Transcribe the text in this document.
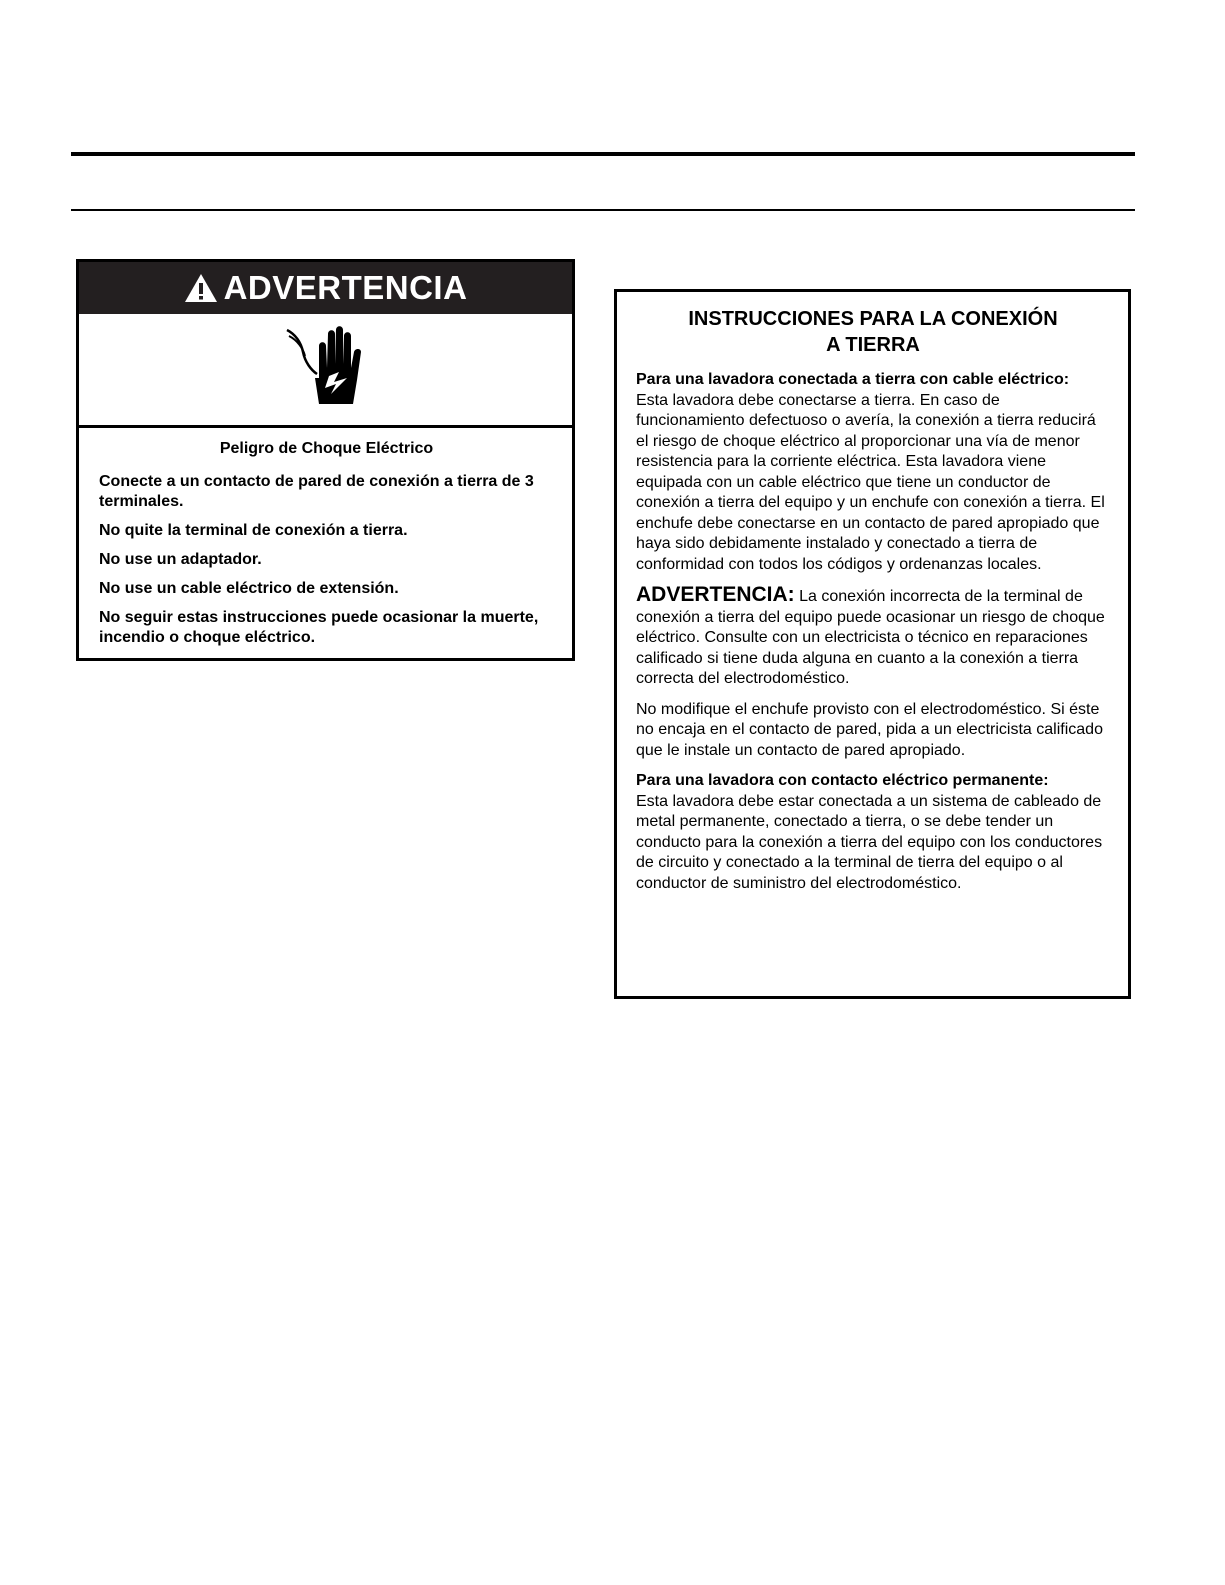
ADVERTENCIA
Peligro de Choque Eléctrico

Conecte a un contacto de pared de conexión a tierra de 3 terminales.

No quite la terminal de conexión a tierra.

No use un adaptador.

No use un cable eléctrico de extensión.

No seguir estas instrucciones puede ocasionar la muerte, incendio o choque eléctrico.

INSTRUCCIONES PARA LA CONEXIÓN
A TIERRA
Para una lavadora conectada a tierra con cable eléctrico:

Esta lavadora debe conectarse a tierra. En caso de funcionamiento defectuoso o avería, la conexión a tierra reducirá el riesgo de choque eléctrico al proporcionar una vía de menor resistencia para la corriente eléctrica. Esta lavadora viene equipada con un cable eléctrico que tiene un conductor de conexión a tierra del equipo y un enchufe con conexión a tierra. El enchufe debe conectarse en un contacto de pared apropiado que haya sido debidamente instalado y conectado a tierra de conformidad con todos los códigos y ordenanzas locales.

ADVERTENCIA: La conexión incorrecta de la terminal de conexión a tierra del equipo puede ocasionar un riesgo de choque eléctrico. Consulte con un electricista o técnico en reparaciones calificado si tiene duda alguna en cuanto a la conexión a tierra correcta del electrodoméstico.

No modifique el enchufe provisto con el electrodoméstico. Si éste no encaja en el contacto de pared, pida a un electricista calificado que le instale un contacto de pared apropiado.

Para una lavadora con contacto eléctrico permanente:

Esta lavadora debe estar conectada a un sistema de cableado de metal permanente, conectado a tierra, o se debe tender un conducto para la conexión a tierra del equipo con los conductores de circuito y conectado a la terminal de tierra del equipo o al conductor de suministro del electrodoméstico.
